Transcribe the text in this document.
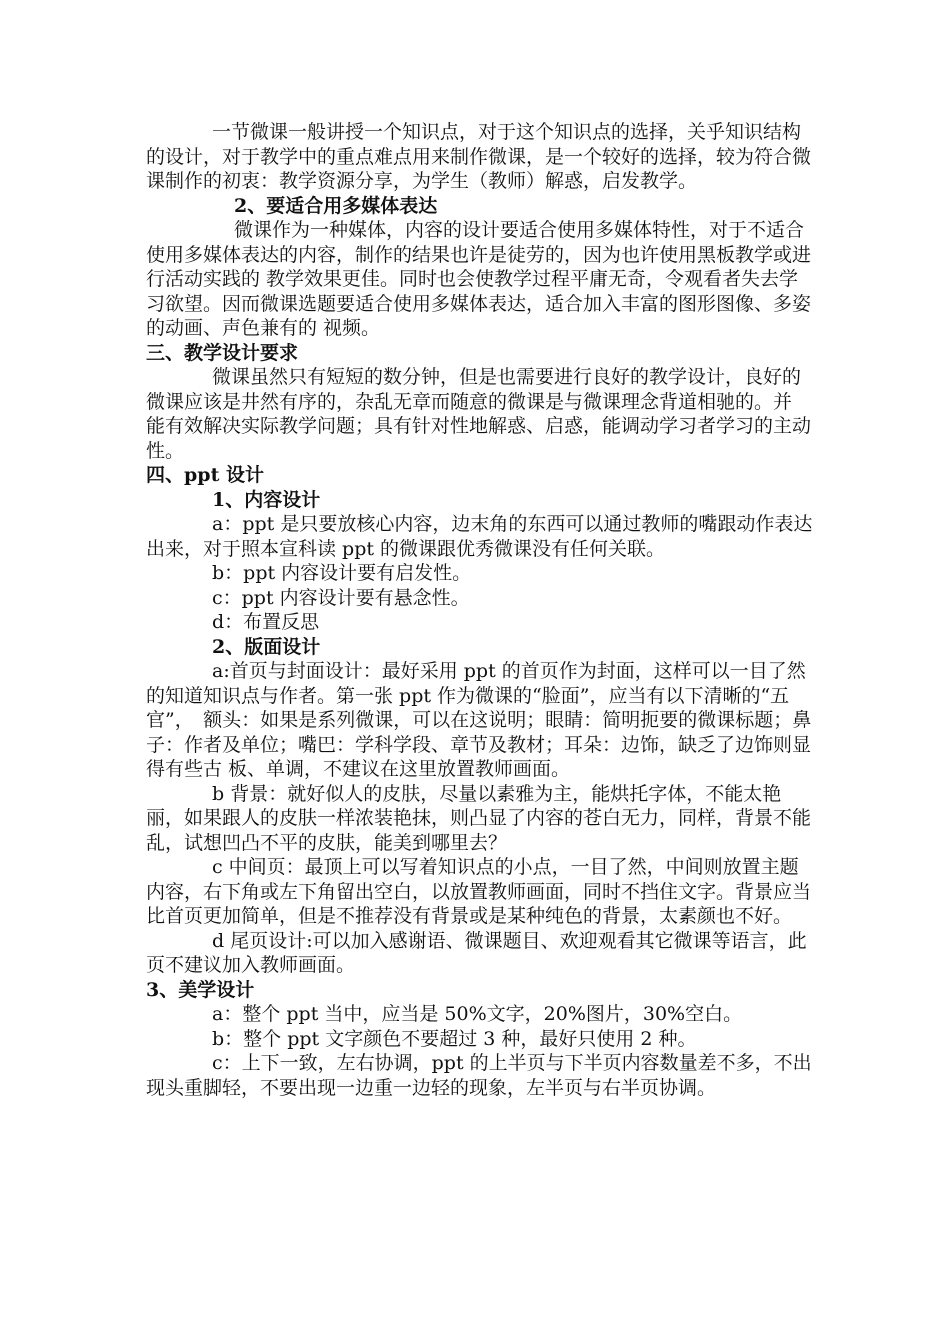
一节微课一般讲授一个知识点，对于这个知识点的选择，关乎知识结构的设计，对于教学中的重点难点用来制作微课，是一个较好的选择，较为符合微课制作的初衷：教学资源分享，为学生（教师）解惑，启发教学。

2、要适合用多媒体表达

微课作为一种媒体，内容的设计要适合使用多媒体特性，对于不适合使用多媒体表达的内容，制作的结果也许是徒劳的，因为也许使用黑板教学或进行活动实践的 教学效果更佳。同时也会使教学过程平庸无奇，令观看者失去学习欲望。因而微课选题要适合使用多媒体表达，适合加入丰富的图形图像、多姿的动画、声色兼有的 视频。

三、教学设计要求

微课虽然只有短短的数分钟，但是也需要进行良好的教学设计，良好的微课应该是井然有序的，杂乱无章而随意的微课是与微课理念背道相驰的。并　能有效解决实际教学问题；具有针对性地解惑、启惑，能调动学习者学习的主动性。

四、ppt 设计

1、内容设计

a：ppt 是只要放核心内容，边末角的东西可以通过教师的嘴跟动作表达出来，对于照本宣科读 ppt 的微课跟优秀微课没有任何关联。

b：ppt 内容设计要有启发性。

c：ppt 内容设计要有悬念性。

d：布置反思

2、版面设计

a:首页与封面设计：最好采用 ppt 的首页作为封面，这样可以一目了然的知道知识点与作者。第一张 ppt 作为微课的“脸面”，应当有以下清晰的“五官”，　额头：如果是系列微课，可以在这说明；眼睛：简明扼要的微课标题；鼻子：作者及单位；嘴巴：学科学段、章节及教材；耳朵：边饰，缺乏了边饰则显得有些古 板、单调，不建议在这里放置教师画面。

b 背景：就好似人的皮肤，尽量以素雅为主，能烘托字体，不能太艳丽，如果跟人的皮肤一样浓装艳抹，则凸显了内容的苍白无力，同样，背景不能乱，试想凹凸不平的皮肤，能美到哪里去？

c 中间页：最顶上可以写着知识点的小点，一目了然，中间则放置主题内容，右下角或左下角留出空白，以放置教师画面，同时不挡住文字。背景应当比首页更加简单，但是不推荐没有背景或是某种纯色的背景，太素颜也不好。

d 尾页设计:可以加入感谢语、微课题目、欢迎观看其它微课等语言，此页不建议加入教师画面。

3、美学设计

a：整个 ppt 当中，应当是 50%文字，20%图片，30%空白。

b：整个 ppt 文字颜色不要超过 3 种，最好只使用 2 种。

c：上下一致，左右协调，ppt 的上半页与下半页内容数量差不多，不出现头重脚轻，不要出现一边重一边轻的现象，左半页与右半页协调。
